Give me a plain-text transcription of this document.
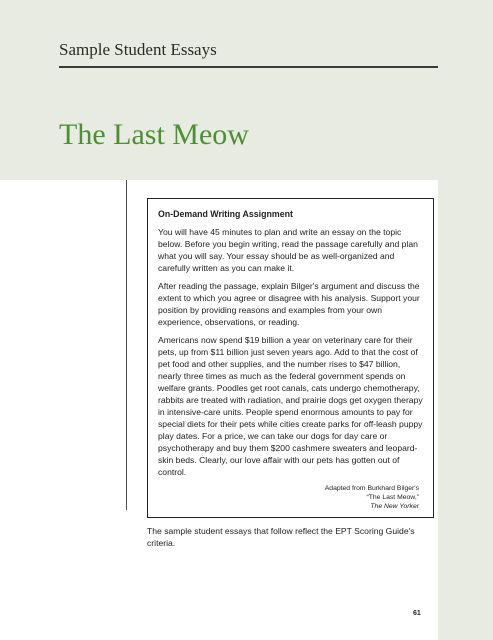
Sample Student Essays
The Last Meow
On-Demand Writing Assignment

You will have 45 minutes to plan and write an essay on the topic below. Before you begin writing, read the passage carefully and plan what you will say. Your essay should be as well-organized and carefully written as you can make it.

After reading the passage, explain Bilger's argument and discuss the extent to which you agree or disagree with his analysis. Support your position by providing reasons and examples from your own experience, observations, or reading.

Americans now spend $19 billion a year on veterinary care for their pets, up from $11 billion just seven years ago. Add to that the cost of pet food and other supplies, and the number rises to $47 billion, nearly three times as much as the federal government spends on welfare grants. Poodles get root canals, cats undergo chemotherapy, rabbits are treated with radiation, and prairie dogs get oxygen therapy in intensive-care units. People spend enormous amounts to pay for special diets for their pets while cities create parks for off-leash puppy play dates. For a price, we can take our dogs for day care or psychotherapy and buy them $200 cashmere sweaters and leopard-skin beds. Clearly, our love affair with our pets has gotten out of control.

Adapted from Burkhard Bilger's
“The Last Meow,”
The New Yorker

The sample student essays that follow reflect the EPT Scoring Guide's criteria.

61
